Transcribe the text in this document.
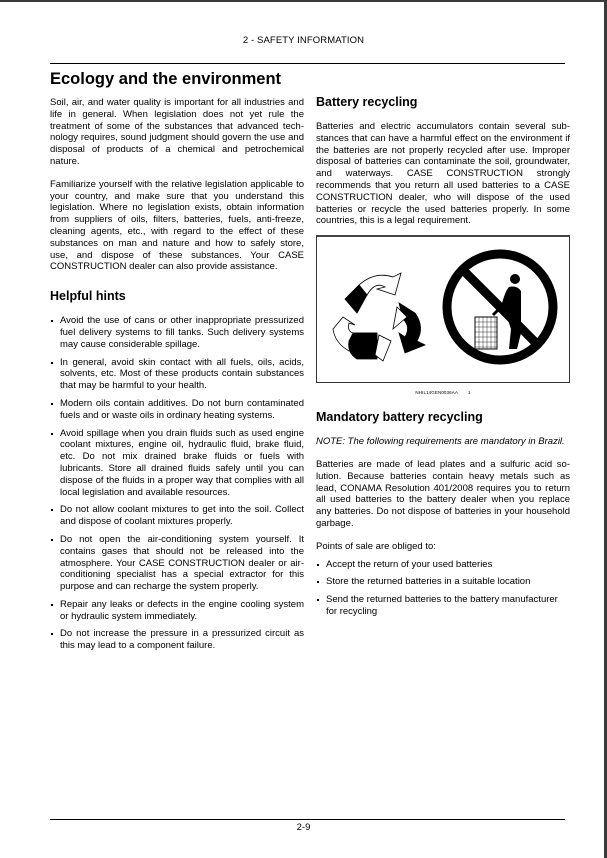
2 - SAFETY INFORMATION
Ecology and the environment

Soil, air, and water quality is important for all industries and life in general. When legislation does not yet rule the treatment of some of the substances that advanced technology requires, sound judgment should govern the use and disposal of products of a chemical and petrochemical nature.

Familiarize yourself with the relative legislation applicable to your country, and make sure that you understand this legislation. Where no legislation exists, obtain information from suppliers of oils, filters, batteries, fuels, anti-freeze, cleaning agents, etc., with regard to the effect of these substances on man and nature and how to safely store, use, and dispose of these substances. Your CASE CONSTRUCTION dealer can also provide assistance.

Helpful hints
Avoid the use of cans or other inappropriate pressurized fuel delivery systems to fill tanks. Such delivery systems may cause considerable spillage.
In general, avoid skin contact with all fuels, oils, acids, solvents, etc. Most of these products contain substances that may be harmful to your health.
Modern oils contain additives. Do not burn contaminated fuels and or waste oils in ordinary heating systems.
Avoid spillage when you drain fluids such as used engine coolant mixtures, engine oil, hydraulic fluid, brake fluid, etc. Do not mix drained brake fluids or fuels with lubricants. Store all drained fluids safely until you can dispose of the fluids in a proper way that complies with all local legislation and available resources.
Do not allow coolant mixtures to get into the soil. Collect and dispose of coolant mixtures properly.
Do not open the air-conditioning system yourself. It contains gases that should not be released into the atmosphere. Your CASE CONSTRUCTION dealer or air-conditioning specialist has a special extractor for this purpose and can recharge the system properly.
Repair any leaks or defects in the engine cooling system or hydraulic system immediately.
Do not increase the pressure in a pressurized circuit as this may lead to a component failure.
Battery recycling

Batteries and electric accumulators contain several substances that can have a harmful effect on the environment if the batteries are not properly recycled after use. Improper disposal of batteries can contaminate the soil, groundwater, and waterways. CASE CONSTRUCTION strongly recommends that you return all used batteries to a CASE CONSTRUCTION dealer, who will dispose of the used batteries or recycle the used batteries properly. In some countries, this is a legal requirement.

NHIL14GEN0036AA 1
Mandatory battery recycling

NOTE: The following requirements are mandatory in Brazil.

Batteries are made of lead plates and a sulfuric acid solution. Because batteries contain heavy metals such as lead, CONAMA Resolution 401/2008 requires you to return all used batteries to the battery dealer when you replace any batteries. Do not dispose of batteries in your household garbage.

Points of sale are obliged to:

Accept the return of your used batteries
Store the returned batteries in a suitable location
Send the returned batteries to the battery manufacturer for recycling
2-9
